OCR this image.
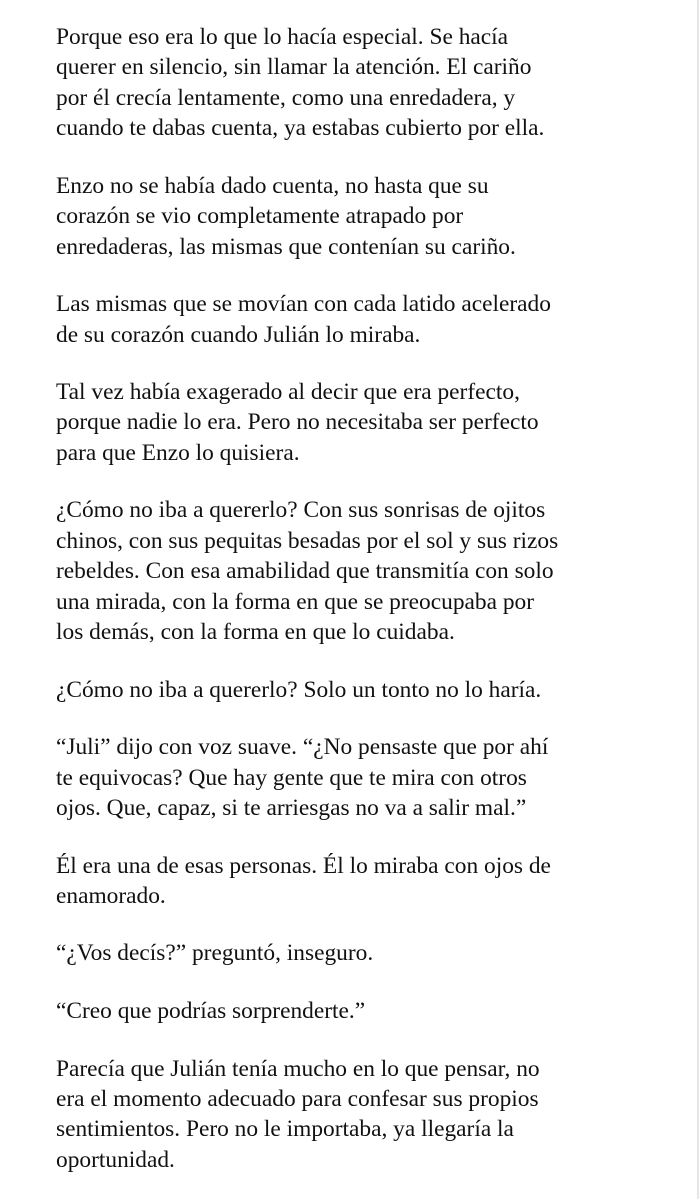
Porque eso era lo que lo hacía especial. Se hacía
querer en silencio, sin llamar la atención. El cariño
por él crecía lentamente, como una enredadera, y
cuando te dabas cuenta, ya estabas cubierto por ella.

Enzo no se había dado cuenta, no hasta que su
corazón se vio completamente atrapado por
enredaderas, las mismas que contenían su cariño.

Las mismas que se movían con cada latido acelerado
de su corazón cuando Julián lo miraba.

Tal vez había exagerado al decir que era perfecto,
porque nadie lo era. Pero no necesitaba ser perfecto
para que Enzo lo quisiera.

¿Cómo no iba a quererlo? Con sus sonrisas de ojitos
chinos, con sus pequitas besadas por el sol y sus rizos
rebeldes. Con esa amabilidad que transmitía con solo
una mirada, con la forma en que se preocupaba por
los demás, con la forma en que lo cuidaba.

¿Cómo no iba a quererlo? Solo un tonto no lo haría.

“Juli” dijo con voz suave. “¿No pensaste que por ahí
te equivocas? Que hay gente que te mira con otros
ojos. Que, capaz, si te arriesgas no va a salir mal.”

Él era una de esas personas. Él lo miraba con ojos de
enamorado.

“¿Vos decís?” preguntó, inseguro.

“Creo que podrías sorprenderte.”

Parecía que Julián tenía mucho en lo que pensar, no
era el momento adecuado para confesar sus propios
sentimientos. Pero no le importaba, ya llegaría la
oportunidad.
